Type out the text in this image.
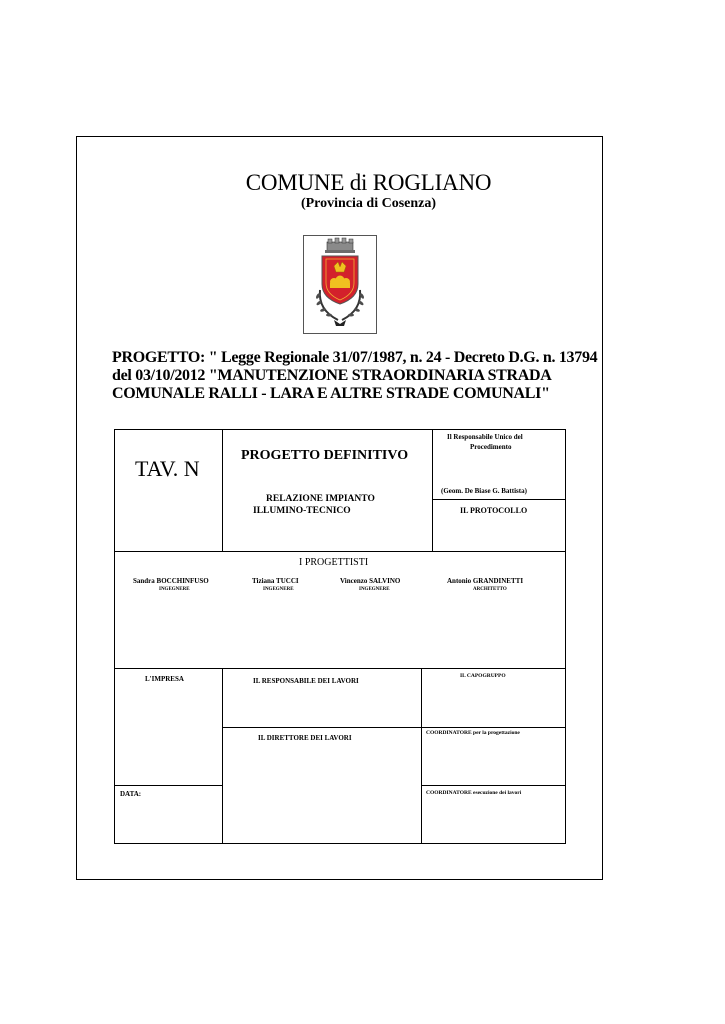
COMUNE di ROGLIANO
(Provincia di Cosenza)
PROGETTO: " Legge Regionale 31/07/1987, n. 24 - Decreto D.G. n. 13794
del 03/10/2012 "MANUTENZIONE STRAORDINARIA STRADA
COMUNALE RALLI - LARA E ALTRE STRADE COMUNALI"
TAV. N
PROGETTO DEFINITIVO
RELAZIONE IMPIANTO
ILLUMINO-TECNICO
Il Responsabile Unico del
Procedimento
(Geom. De Biase G. Battista)
IL PROTOCOLLO
I PROGETTISTI
Sandra BOCCHINFUSO
INGEGNERE
Tiziana TUCCI
INGEGNERE
Vincenzo SALVINO
INGEGNERE
Antonio GRANDINETTI
ARCHITETTO
L'IMPRESA	IL RESPONSABILE DEI LAVORI
IL CAPOGRUPPO
IL DIRETTORE DEI LAVORI
COORDINATORE per la progettazione
DATA:	COORDINATORE esecuzione dei lavori
